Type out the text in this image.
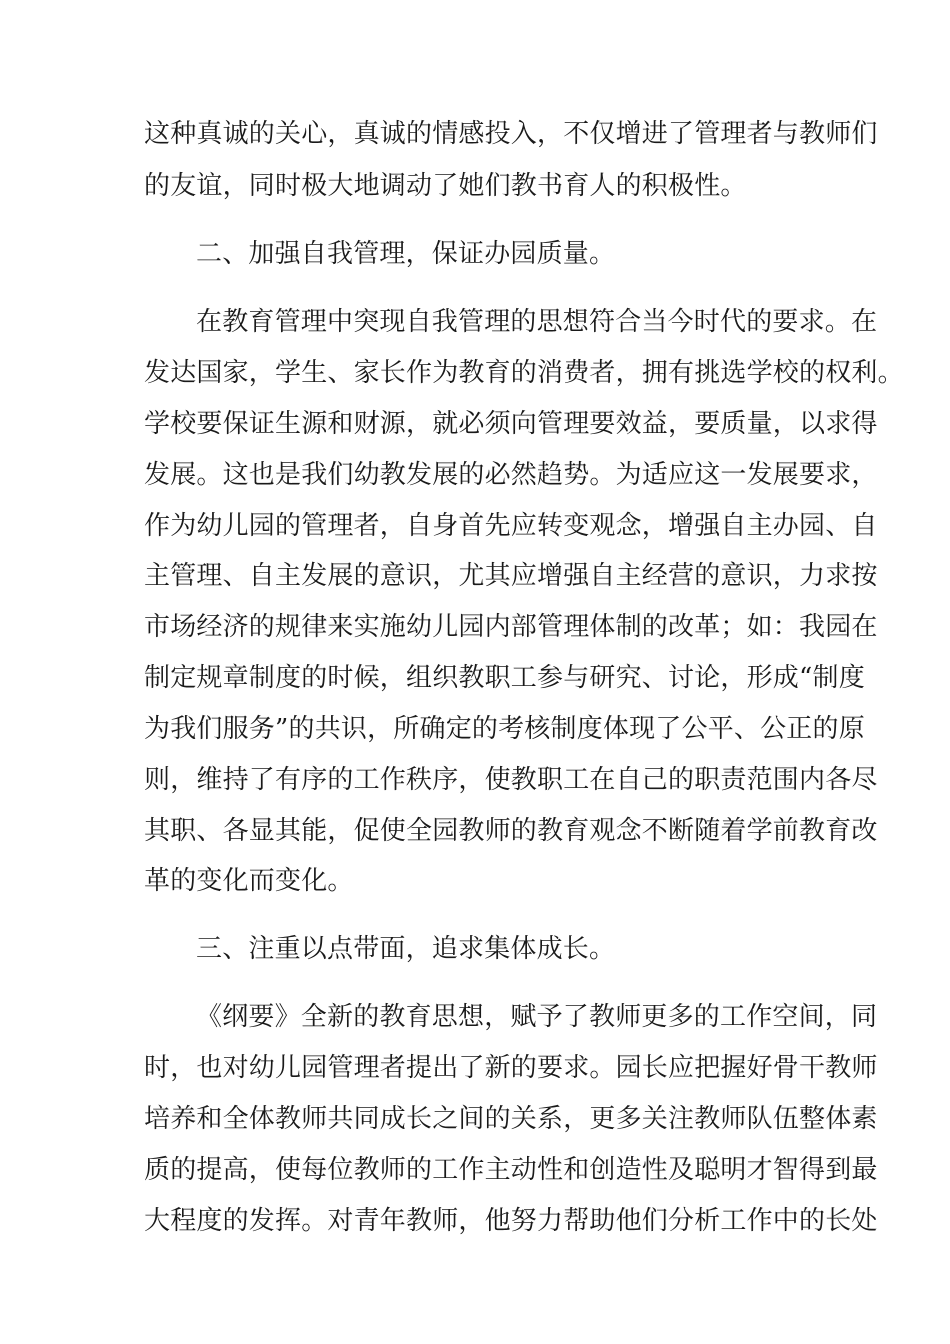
这种真诚的关心，真诚的情感投入，不仅增进了管理者与教师们
的友谊，同时极大地调动了她们教书育人的积极性。
二、加强自我管理，保证办园质量。
在教育管理中突现自我管理的思想符合当今时代的要求。在
发达国家，学生、家长作为教育的消费者，拥有挑选学校的权利。
学校要保证生源和财源，就必须向管理要效益，要质量，以求得
发展。这也是我们幼教发展的必然趋势。为适应这一发展要求，
作为幼儿园的管理者，自身首先应转变观念，增强自主办园、自
主管理、自主发展的意识，尤其应增强自主经营的意识，力求按
市场经济的规律来实施幼儿园内部管理体制的改革；如：我园在
制定规章制度的时候，组织教职工参与研究、讨论，形成“制度
为我们服务”的共识，所确定的考核制度体现了公平、公正的原
则，维持了有序的工作秩序，使教职工在自己的职责范围内各尽
其职、各显其能，促使全园教师的教育观念不断随着学前教育改
革的变化而变化。
三、注重以点带面，追求集体成长。
《纲要》全新的教育思想，赋予了教师更多的工作空间，同
时，也对幼儿园管理者提出了新的要求。园长应把握好骨干教师
培养和全体教师共同成长之间的关系，更多关注教师队伍整体素
质的提高，使每位教师的工作主动性和创造性及聪明才智得到最
大程度的发挥。对青年教师，他努力帮助他们分析工作中的长处
